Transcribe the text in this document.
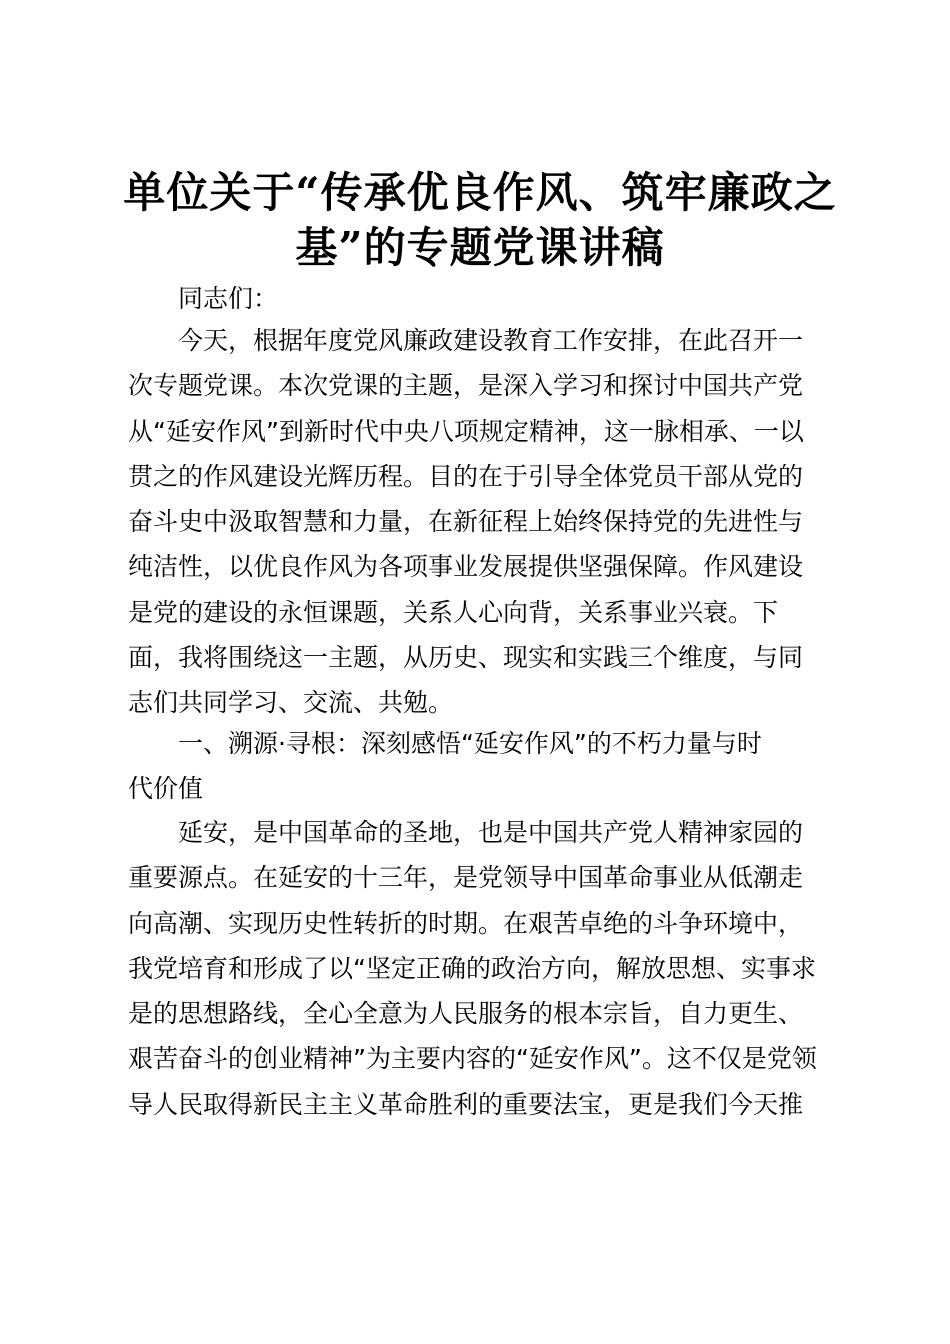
单位关于“传承优良作风、筑牢廉政之
基”的专题党课讲稿

同志们：

今天，根据年度党风廉政建设教育工作安排，在此召开一
次专题党课。本次党课的主题，是深入学习和探讨中国共产党
从“延安作风”到新时代中央八项规定精神，这一脉相承、一以
贯之的作风建设光辉历程。目的在于引导全体党员干部从党的
奋斗史中汲取智慧和力量，在新征程上始终保持党的先进性与
纯洁性，以优良作风为各项事业发展提供坚强保障。作风建设
是党的建设的永恒课题，关系人心向背，关系事业兴衰。下
面，我将围绕这一主题，从历史、现实和实践三个维度，与同
志们共同学习、交流、共勉。

一、溯源·寻根：深刻感悟“延安作风”的不朽力量与时
代价值

延安，是中国革命的圣地，也是中国共产党人精神家园的
重要源点。在延安的十三年，是党领导中国革命事业从低潮走
向高潮、实现历史性转折的时期。在艰苦卓绝的斗争环境中，
我党培育和形成了以“坚定正确的政治方向，解放思想、实事求
是的思想路线，全心全意为人民服务的根本宗旨，自力更生、
艰苦奋斗的创业精神”为主要内容的“延安作风”。这不仅是党领
导人民取得新民主主义革命胜利的重要法宝，更是我们今天推
